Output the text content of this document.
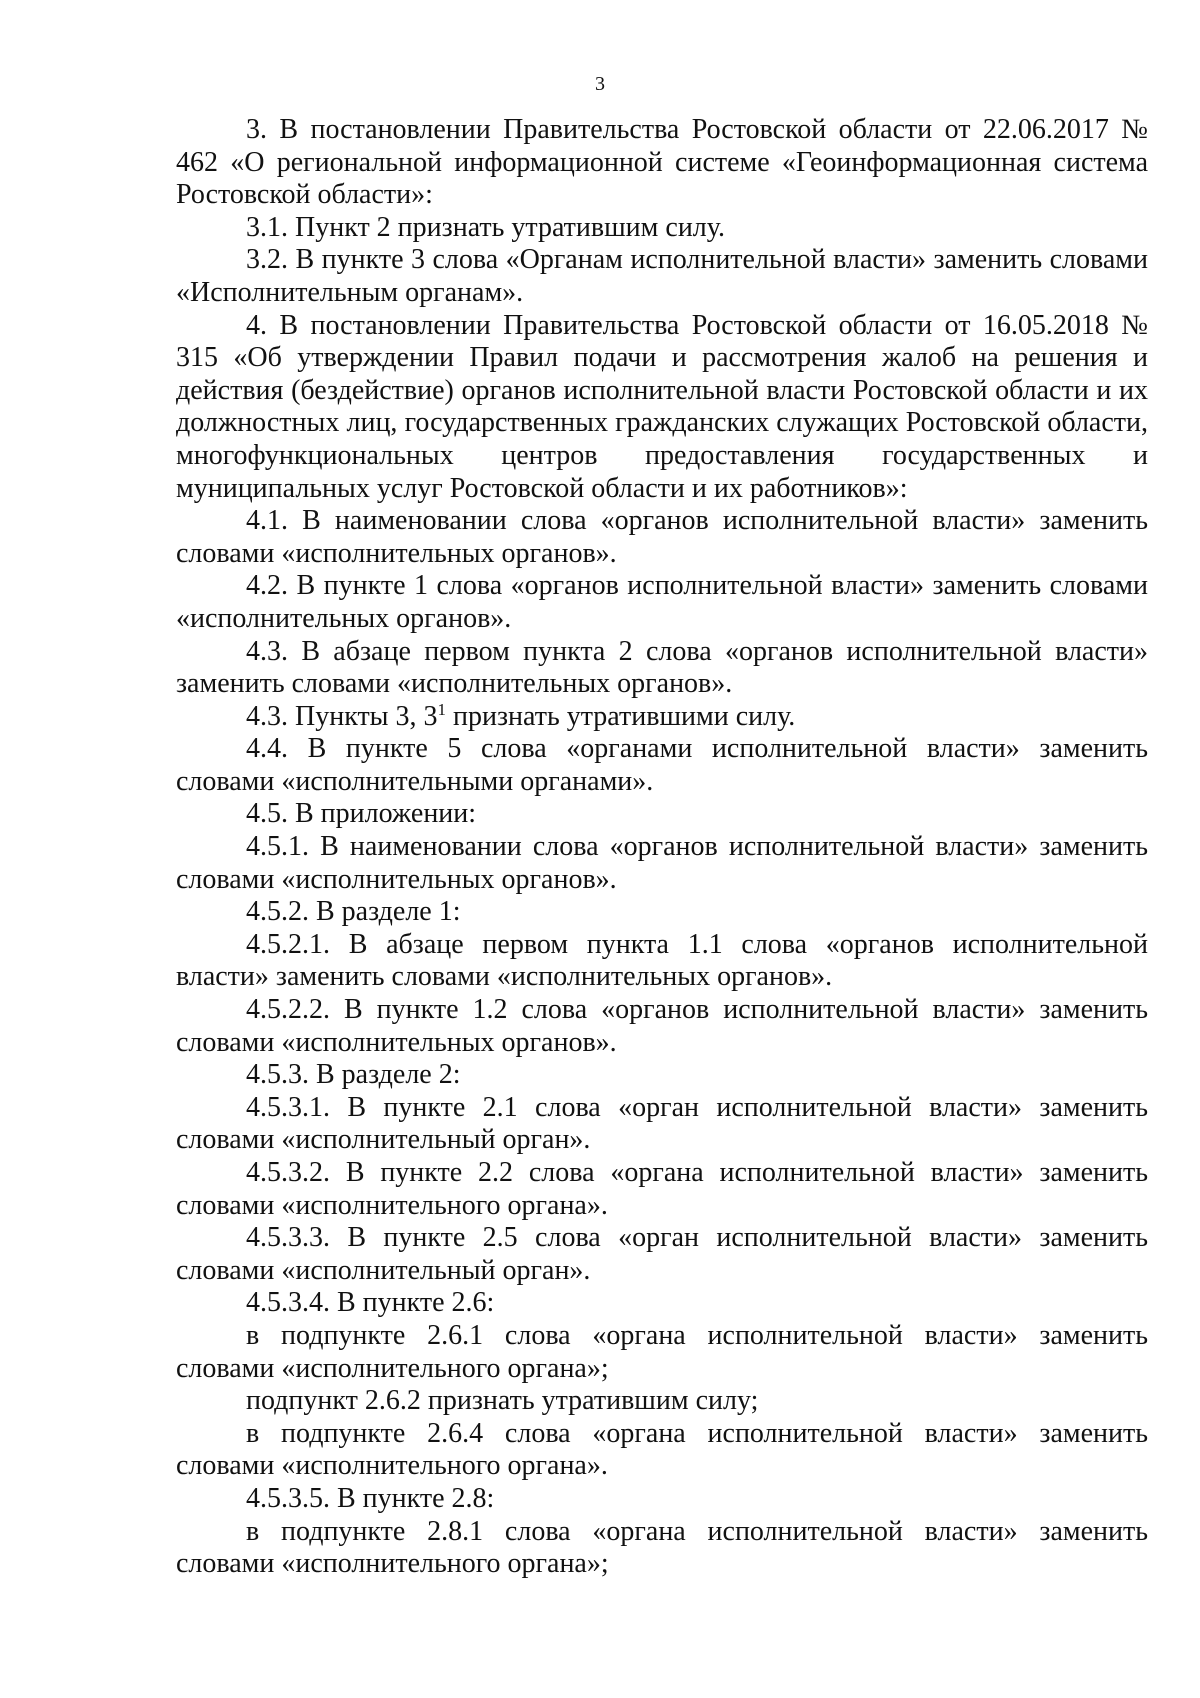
3

3. В постановлении Правительства Ростовской области от 22.06.2017 № 462 «О региональной информационной системе «Геоинформационная система Ростовской области»:

3.1. Пункт 2 признать утратившим силу.

3.2. В пункте 3 слова «Органам исполнительной власти» заменить словами «Исполнительным органам».

4. В постановлении Правительства Ростовской области от 16.05.2018 № 315 «Об утверждении Правил подачи и рассмотрения жалоб на решения и действия (бездействие) органов исполнительной власти Ростовской области и их должностных лиц, государственных гражданских служащих Ростовской области, многофункциональных центров предоставления государственных и муниципальных услуг Ростовской области и их работников»:

4.1. В наименовании слова «органов исполнительной власти» заменить словами «исполнительных органов».

4.2. В пункте 1 слова «органов исполнительной власти» заменить словами «исполнительных органов».

4.3. В абзаце первом пункта 2 слова «органов исполнительной власти» заменить словами «исполнительных органов».

4.3. Пункты 3, $3^1$ признать утратившими силу.

4.4. В пункте 5 слова «органами исполнительной власти» заменить словами «исполнительными органами».

4.5. В приложении:

4.5.1. В наименовании слова «органов исполнительной власти» заменить словами «исполнительных органов».

4.5.2. В разделе 1:

4.5.2.1. В абзаце первом пункта 1.1 слова «органов исполнительной власти» заменить словами «исполнительных органов».

4.5.2.2. В пункте 1.2 слова «органов исполнительной власти» заменить словами «исполнительных органов».

4.5.3. В разделе 2:

4.5.3.1. В пункте 2.1 слова «орган исполнительной власти» заменить словами «исполнительный орган».

4.5.3.2. В пункте 2.2 слова «органа исполнительной власти» заменить словами «исполнительного органа».

4.5.3.3. В пункте 2.5 слова «орган исполнительной власти» заменить словами «исполнительный орган».

4.5.3.4. В пункте 2.6:

в подпункте 2.6.1 слова «органа исполнительной власти» заменить словами «исполнительного органа»;

подпункт 2.6.2 признать утратившим силу;

в подпункте 2.6.4 слова «органа исполнительной власти» заменить словами «исполнительного органа».

4.5.3.5. В пункте 2.8:

в подпункте 2.8.1 слова «органа исполнительной власти» заменить словами «исполнительного органа»;
